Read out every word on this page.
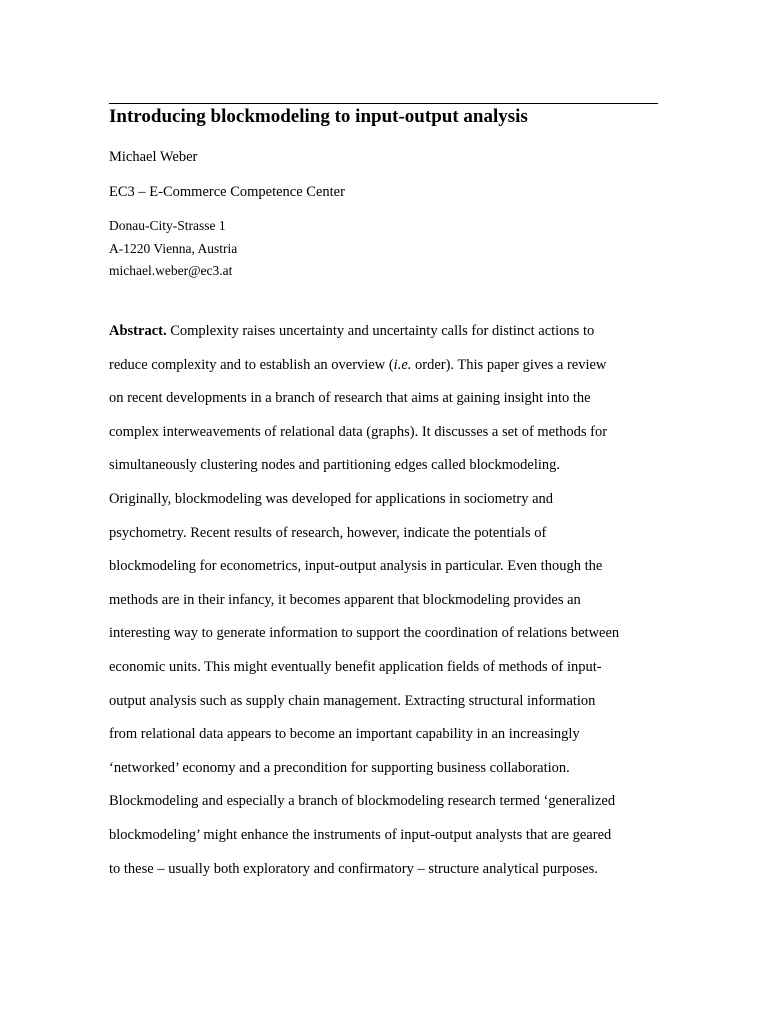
Introducing blockmodeling to input-output analysis
Michael Weber
EC3 – E-Commerce Competence Center
Donau-City-Strasse 1
A-1220 Vienna, Austria
michael.weber@ec3.at
Abstract. Complexity raises uncertainty and uncertainty calls for distinct actions to
reduce complexity and to establish an overview (i.e. order). This paper gives a review
on recent developments in a branch of research that aims at gaining insight into the
complex interweavements of relational data (graphs). It discusses a set of methods for
simultaneously clustering nodes and partitioning edges called blockmodeling.
Originally, blockmodeling was developed for applications in sociometry and
psychometry. Recent results of research, however, indicate the potentials of
blockmodeling for econometrics, input-output analysis in particular. Even though the
methods are in their infancy, it becomes apparent that blockmodeling provides an
interesting way to generate information to support the coordination of relations between
economic units. This might eventually benefit application fields of methods of input-
output analysis such as supply chain management. Extracting structural information
from relational data appears to become an important capability in an increasingly
‘networked’ economy and a precondition for supporting business collaboration.
Blockmodeling and especially a branch of blockmodeling research termed ‘generalized
blockmodeling’ might enhance the instruments of input-output analysts that are geared
to these – usually both exploratory and confirmatory – structure analytical purposes.
